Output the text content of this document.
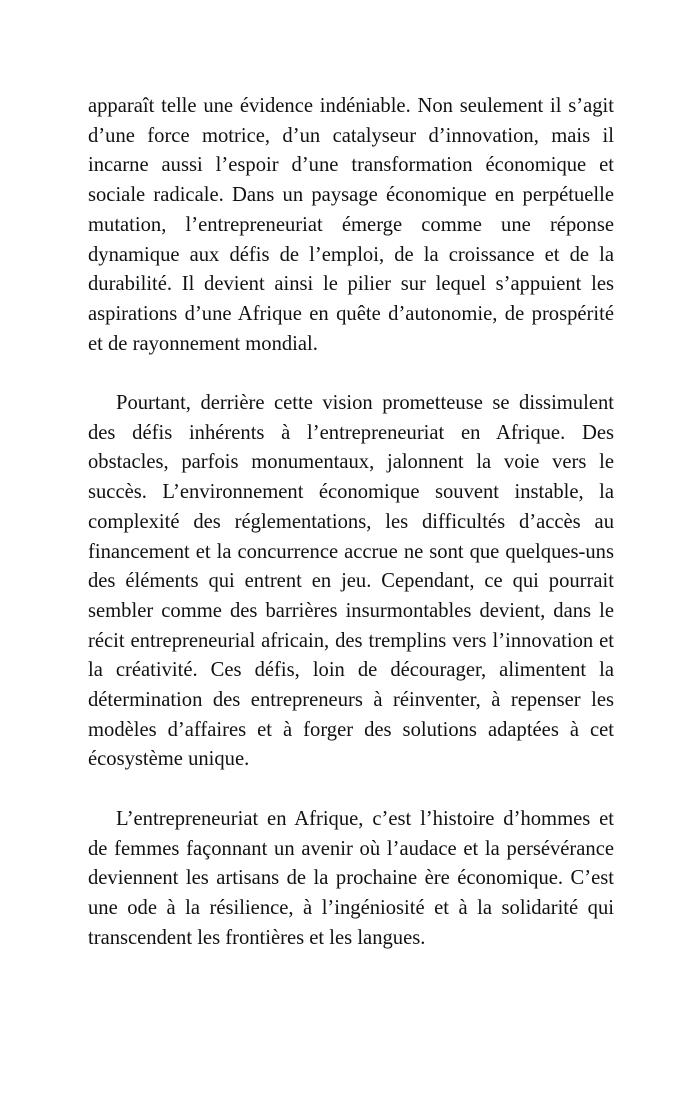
apparaît telle une évidence indéniable. Non seulement il s’agit d’une force motrice, d’un catalyseur d’innovation, mais il incarne aussi l’espoir d’une transformation économique et sociale radicale. Dans un paysage économique en perpétuelle mutation, l’entrepreneuriat émerge comme une réponse dynamique aux défis de l’emploi, de la croissance et de la durabilité. Il devient ainsi le pilier sur lequel s’appuient les aspirations d’une Afrique en quête d’autonomie, de prospérité et de rayonnement mondial.

Pourtant, derrière cette vision prometteuse se dissimulent des défis inhérents à l’entrepreneuriat en Afrique. Des obstacles, parfois monumentaux, jalonnent la voie vers le succès. L’environnement économique souvent instable, la complexité des réglementations, les difficultés d’accès au financement et la concurrence accrue ne sont que quelques-uns des éléments qui entrent en jeu. Cependant, ce qui pourrait sembler comme des barrières insurmontables devient, dans le récit entrepreneurial africain, des tremplins vers l’innovation et la créativité. Ces défis, loin de décourager, alimentent la détermination des entrepreneurs à réinventer, à repenser les modèles d’affaires et à forger des solutions adaptées à cet écosystème unique.

L’entrepreneuriat en Afrique, c’est l’histoire d’hommes et de femmes façonnant un avenir où l’audace et la persévérance deviennent les artisans de la prochaine ère économique. C’est une ode à la résilience, à l’ingéniosité et à la solidarité qui transcendent les frontières et les langues.
